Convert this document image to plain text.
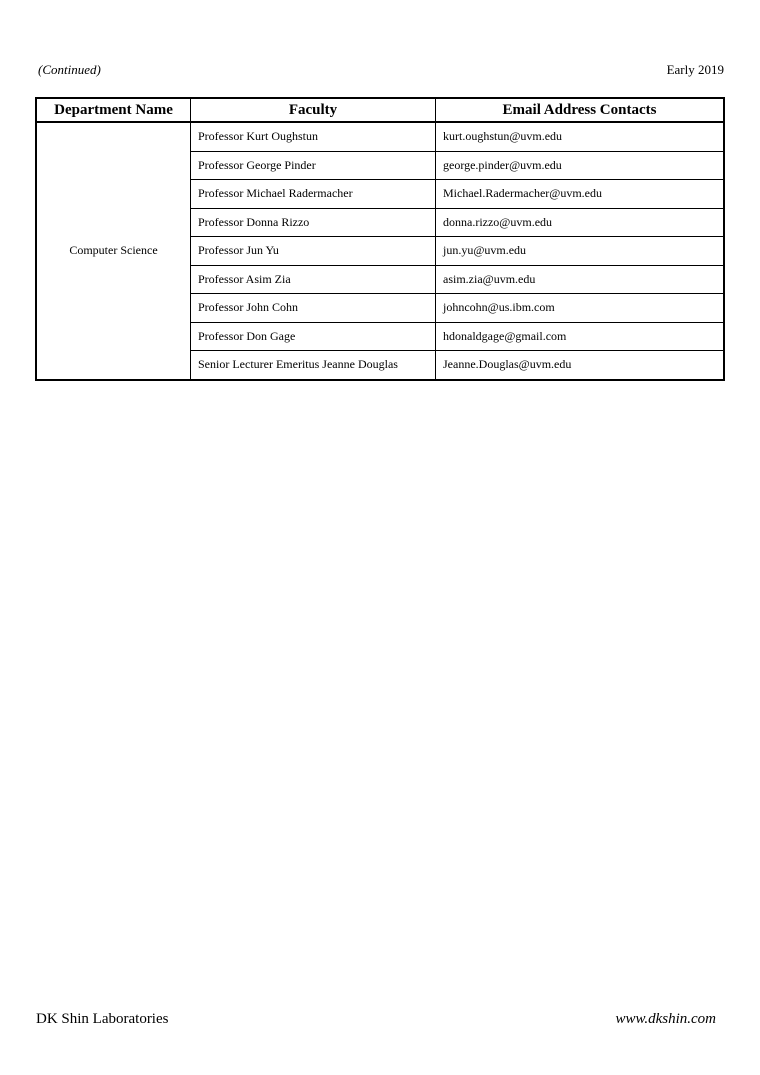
(Continued)	Early 2019
Department Name	Faculty	Email Address Contacts
Computer Science	Professor Kurt Oughstun	kurt.oughstun@uvm.edu
	Professor George Pinder	george.pinder@uvm.edu
	Professor Michael Radermacher	Michael.Radermacher@uvm.edu
	Professor Donna Rizzo	donna.rizzo@uvm.edu
	Professor Jun Yu	jun.yu@uvm.edu
	Professor Asim Zia	asim.zia@uvm.edu
	Professor John Cohn	johncohn@us.ibm.com
	Professor Don Gage	hdonaldgage@gmail.com
	Senior Lecturer Emeritus Jeanne Douglas	Jeanne.Douglas@uvm.edu
DK Shin Laboratories	www.dkshin.com
